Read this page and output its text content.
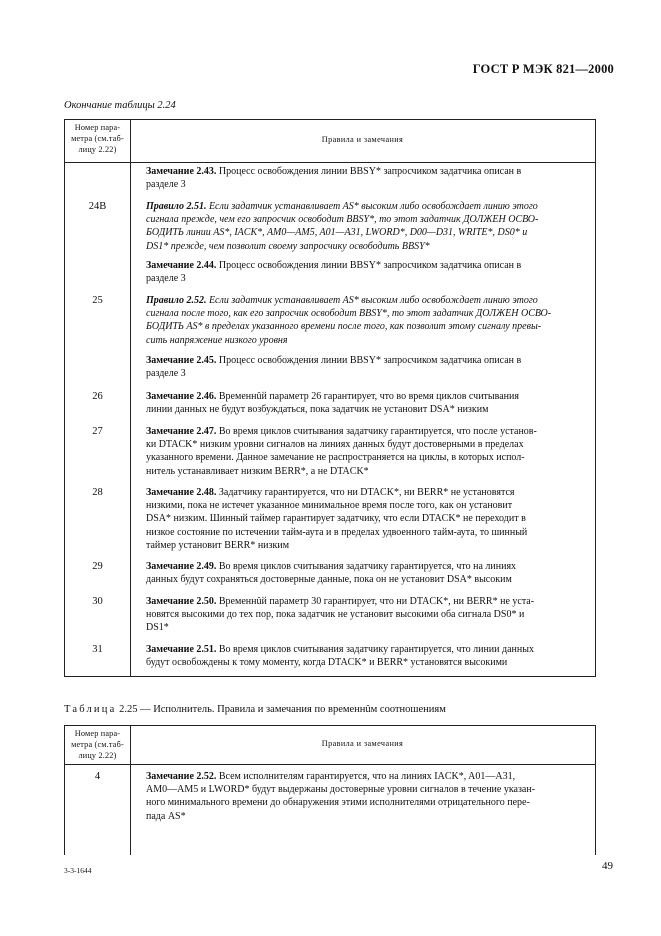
ГОСТ Р МЭК 821—2000
Окончание таблицы 2.24
Номер пара-
метра (см.таб-
лицу 2.22)
Правила и замечания
Замечание 2.43. Процесс освобождения линии BBSY* запросчиком задатчика описан в
разделе 3
24В	Правило 2.51. Если задатчик устанавливает AS* высоким либо освобождает линию этого
сигнала прежде, чем его запросчик освободит BBSY*, то этот задатчик ДОЛЖЕН ОСВО-
БОДИТЬ линии AS*, IACK*, AM0—AM5, A01—A31, LWORD*, D00—D31, WRITE*, DS0* и
DS1* прежде, чем позволит своему запросчику освободить BBSY*
Замечание 2.44. Процесс освобождения линии BBSY* запросчиком задатчика описан в
разделе 3
25	Правило 2.52. Если задатчик устанавливает AS* высоким либо освобождает линию этого
сигнала после того, как его запросчик освободит BBSY*, то этот задатчик ДОЛЖЕН ОСВО-
БОДИТЬ AS* в пределах указанного времени после того, как позволит этому сигналу превы-
сить напряжение низкого уровня
Замечание 2.45. Процесс освобождения линии BBSY* запросчиком задатчика описан в
разделе 3
26	Замечание 2.46. Временнûй параметр 26 гарантирует, что во время циклов считывания
линии данных не будут возбуждаться, пока задатчик не установит DSA* низким
27	Замечание 2.47. Во время циклов считывания задатчику гарантируется, что после установ-
ки DTACK* низким уровни сигналов на линиях данных будут достоверными в пределах
указанного времени. Данное замечание не распространяется на циклы, в которых испол-
нитель устанавливает низким BERR*, а не DTACK*
28	Замечание 2.48. Задатчику гарантируется, что ни DTACK*, ни BERR* не установятся
низкими, пока не истечет указанное минимальное время после того, как он установит
DSA* низким. Шинный таймер гарантирует задатчику, что если DTACK* не переходит в
низкое состояние по истечении тайм-аута и в пределах удвоенного тайм-аута, то шинный
таймер установит BERR* низким
29	Замечание 2.49. Во время циклов считывания задатчику гарантируется, что на линиях
данных будут сохраняться достоверные данные, пока он не установит DSA* высоким
30	Замечание 2.50. Временнûй параметр 30 гарантирует, что ни DTACK*, ни BERR* не уста-
новятся высокими до тех пор, пока задатчик не установит высокими оба сигнала DS0* и
DS1*
31	Замечание 2.51. Во время циклов считывания задатчику гарантируется, что линии данных
будут освобождены к тому моменту, когда DTACK* и BERR* установятся высокими
Таблица 2.25 — Исполнитель. Правила и замечания по временнûм соотношениям
Номер пара-
метра (см.таб-
лицу 2.22)
Правила и замечания
4	Замечание 2.52. Всем исполнителям гарантируется, что на линиях IACK*, A01—A31,
AM0—AM5 и LWORD* будут выдержаны достоверные уровни сигналов в течение указан-
ного минимального времени до обнаружения этими исполнителями отрицательного пере-
пада AS*
3-3-1644	49
